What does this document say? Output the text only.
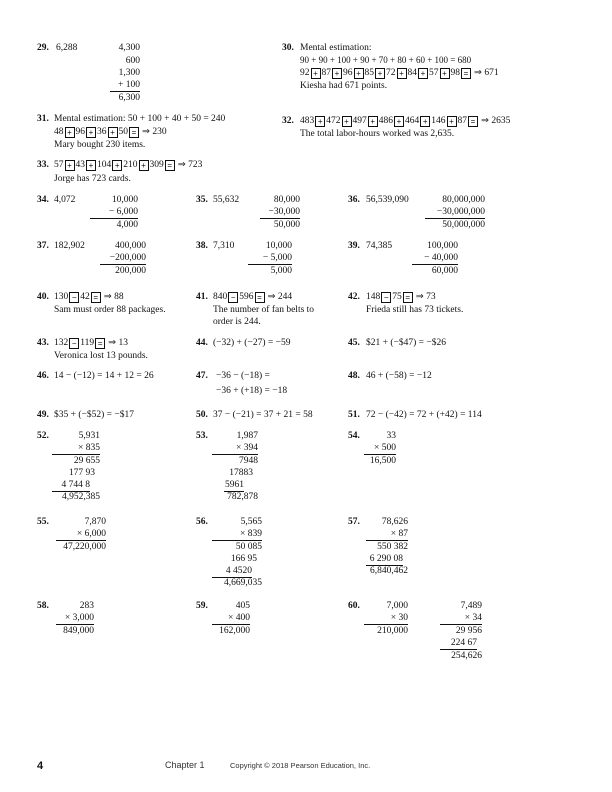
29. 6,288	4,300
600
1,300
+ 100
6,300
30. Mental estimation:
90 + 90 + 100 + 90 + 70 + 80 + 60 + 100 = 680
92 + 87 + 96 + 85 + 72 + 84 + 57 + 98 = ⇒ 671
Kiesha had 671 points.
31. Mental estimation: 50 + 100 + 40 + 50 = 240
48 + 96 + 36 + 50 = ⇒ 230
Mary bought 230 items.
32. 483 + 472 + 497 + 486 + 464 + 146 + 87 = ⇒ 2635
The total labor-hours worked was 2,635.
33. 57 + 43 + 104 + 210 + 309 = ⇒ 723
Jorge has 723 cards.
34. 4,072	10,000
− 6,000
4,000
35. 55,632	80,000
−30,000
50,000
36. 56,539,090	80,000,000
−30,000,000
50,000,000
37. 182,902	400,000
−200,000
200,000
38. 7,310	10,000
− 5,000
5,000
39. 74,385	100,000
− 40,000
60,000
40. 130 − 42 = ⇒ 88
Sam must order 88 packages.
41. 840 − 596 = ⇒ 244
The number of fan belts to
order is 244.
42. 148 − 75 = ⇒ 73
Frieda still has 73 tickets.
43. 132 − 119 = ⇒ 13
Veronica lost 13 pounds.
44. (−32) + (−27) = −59	45. $21 + (−$47) = −$26
46. 14 − (−12) = 14 + 12 = 26	47. −36 − (−18) =
−36 + (+18) = −18
48. 46 + (−58) = −12
49. $35 + (−$52) = −$17	50. 37 − (−21) = 37 + 21 = 58	51. 72 − (−42) = 72 + (+42) = 114
52.	5,931
× 835
29 655
177 93
4 744 8
4,952,385
53.	1,987
× 394
7948
17883
5961
782,878
54.	33
× 500
16,500
55.	7,870
× 6,000
47,220,000
56.	5,565
× 839
50 085
166 95
4 4520
4,669,035
57.	78,626
× 87
550 382
6 290 08
6,840,462
58.	283
× 3,000
849,000
59.	405
× 400
162,000
60.	7,000
× 30
210,000
7,489
× 34
29 956
224 67
254,626
4	Chapter 1	Copyright © 2018 Pearson Education, Inc.
